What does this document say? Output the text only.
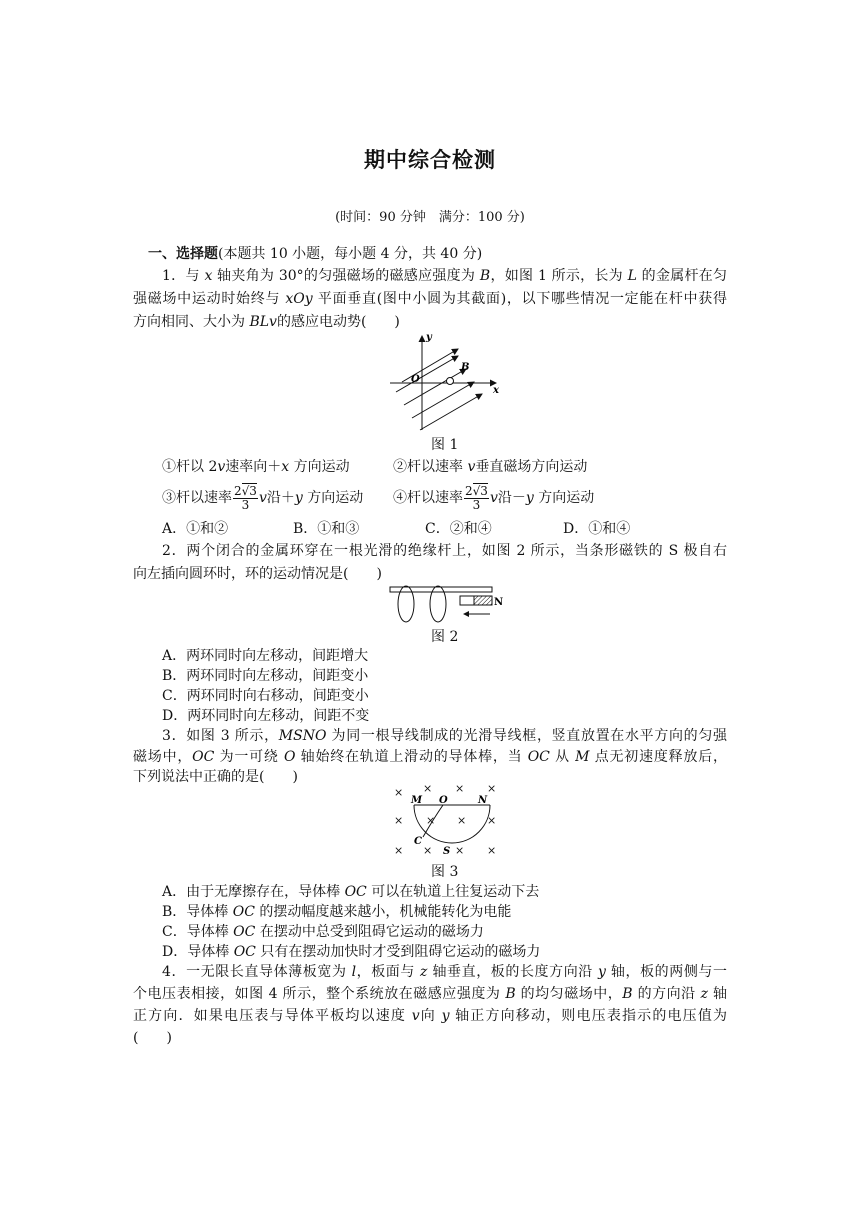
期中综合检测
(时间：90 分钟　满分：100 分)
一、选择题(本题共 10 小题，每小题 4 分，共 40 分)
1．与 x 轴夹角为 30°的匀强磁场的磁感应强度为 B，如图 1 所示，长为 L 的金属杆在匀
强磁场中运动时始终与 xOy 平面垂直(图中小圆为其截面)，以下哪些情况一定能在杆中获得
方向相同、大小为 BLv的感应电动势(　　)
y
x
O
B
图 1
①杆以 2v速率向＋x 方向运动	②杆以速率 v垂直磁场方向运动
③杆以速率 $\frac{2√3}{3}$ v沿＋y 方向运动 ④杆以速率 $\frac{2√3}{3}$ v沿－y 方向运动
A．①和②	B．①和③	C．②和④	D．①和④
2．两个闭合的金属环穿在一根光滑的绝缘杆上，如图 2 所示，当条形磁铁的 S 极自右
向左插向圆环时，环的运动情况是(　　)
N
图 2
A．两环同时向左移动，间距增大
B．两环同时向左移动，间距变小
C．两环同时向右移动，间距变小
D．两环同时向左移动，间距不变
3．如图 3 所示，MSNO 为同一根导线制成的光滑导线框，竖直放置在水平方向的匀强
磁场中，OC 为一可绕 O 轴始终在轨道上滑动的导体棒，当 OC 从 M 点无初速度释放后，
下列说法中正确的是(　　)
× × × ×
× × × ×
× × × ×
M O	N
C
S
图 3
A．由于无摩擦存在，导体棒 OC 可以在轨道上往复运动下去
B．导体棒 OC 的摆动幅度越来越小，机械能转化为电能
C．导体棒 OC 在摆动中总受到阻碍它运动的磁场力
D．导体棒 OC 只有在摆动加快时才受到阻碍它运动的磁场力
4．一无限长直导体薄板宽为 l，板面与 z 轴垂直，板的长度方向沿 y 轴，板的两侧与一
个电压表相接，如图 4 所示，整个系统放在磁感应强度为 B 的均匀磁场中，B 的方向沿 z 轴
正方向．如果电压表与导体平板均以速度 v向 y 轴正方向移动，则电压表指示的电压值为
(　　)
